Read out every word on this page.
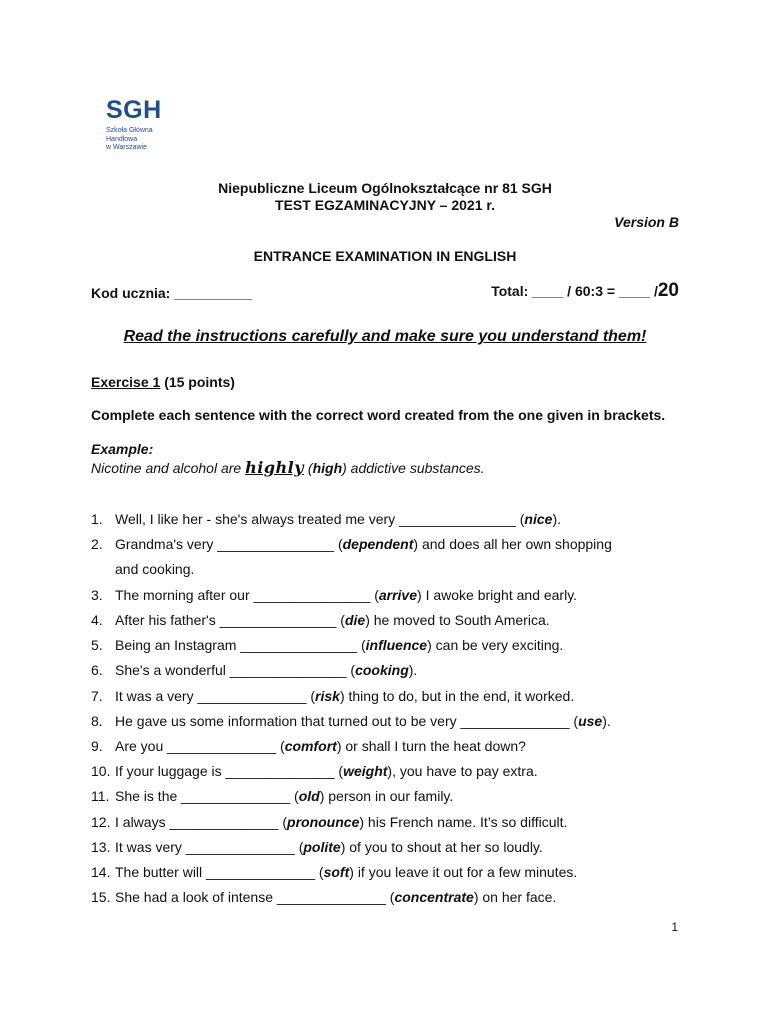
SGH
Szkoła Główna
Handlowa
w Warszawie
Niepubliczne Liceum Ogólnokształcące nr 81 SGH
TEST EGZAMINACYJNY – 2021 r.
Version B
ENTRANCE EXAMINATION IN ENGLISH
Kod ucznia: __________	Total: ____ / 60:3 = ____ /20
Read the instructions carefully and make sure you understand them!
Exercise 1 (15 points)
Complete each sentence with the correct word created from the one given in brackets.
Example:
Nicotine and alcohol are highly (high) addictive substances.
1. Well, I like her - she's always treated me very _______________ (nice).
2. Grandma's very _______________ (dependent) and does all her own shopping
and cooking.
3. The morning after our _______________ (arrive) I awoke bright and early.
4. After his father's _______________ (die) he moved to South America.
5. Being an Instagram _______________ (influence) can be very exciting.
6. She's a wonderful _______________ (cooking).
7. It was a very ______________ (risk) thing to do, but in the end, it worked.
8. He gave us some information that turned out to be very ______________ (use).
9. Are you ______________ (comfort) or shall I turn the heat down?
10. If your luggage is ______________ (weight), you have to pay extra.
11. She is the ______________ (old) person in our family.
12. I always ______________ (pronounce) his French name. It’s so difficult.
13. It was very ______________ (polite) of you to shout at her so loudly.
14. The butter will ______________ (soft) if you leave it out for a few minutes.
15. She had a look of intense ______________ (concentrate) on her face.
1
